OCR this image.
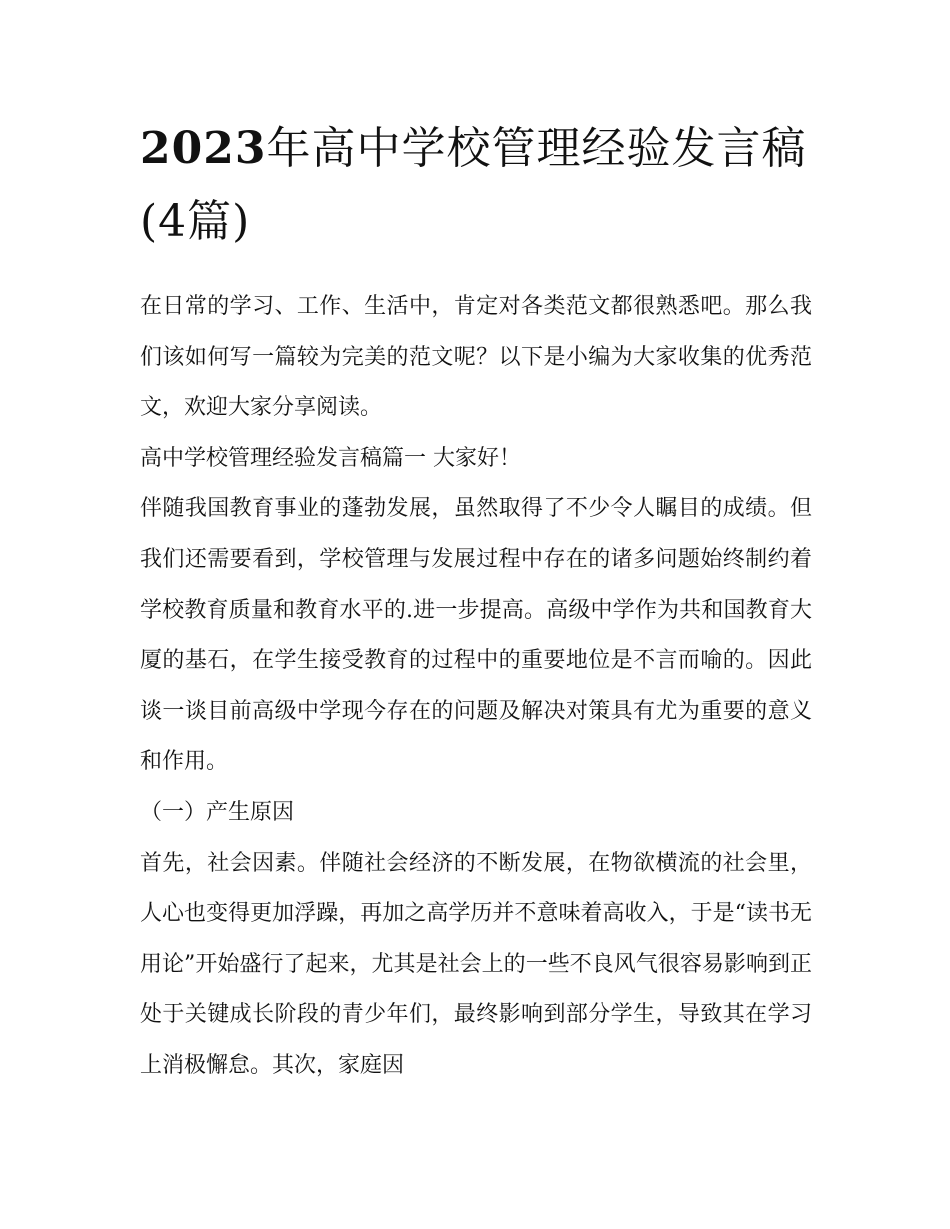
2023年高中学校管理经验发言稿(4篇)

在日常的学习、工作、生活中，肯定对各类范文都很熟悉吧。那么我们该如何写一篇较为完美的范文呢？以下是小编为大家收集的优秀范文，欢迎大家分享阅读。

高中学校管理经验发言稿篇一 大家好！

伴随我国教育事业的蓬勃发展，虽然取得了不少令人瞩目的成绩。但我们还需要看到，学校管理与发展过程中存在的诸多问题始终制约着学校教育质量和教育水平的.进一步提高。高级中学作为共和国教育大厦的基石，在学生接受教育的过程中的重要地位是不言而喻的。因此谈一谈目前高级中学现今存在的问题及解决对策具有尤为重要的意义和作用。

（一）产生原因

首先，社会因素。伴随社会经济的不断发展，在物欲横流的社会里，人心也变得更加浮躁，再加之高学历并不意味着高收入，于是“读书无用论”开始盛行了起来，尤其是社会上的一些不良风气很容易影响到正处于关键成长阶段的青少年们，最终影响到部分学生，导致其在学习上消极懈怠。其次，家庭因
